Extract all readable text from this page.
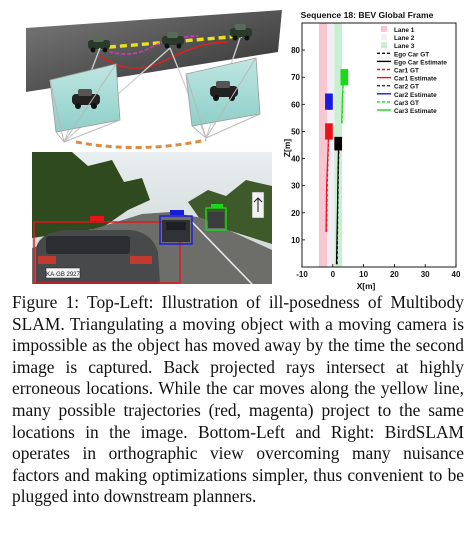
KA·GB 2927
Sequence 18: BEV Global Frame
-10	0	10	20	30	40
10
20
30
40
50
60
70
80
X[m]
Z[m]
Lane 1
Lane 2
Lane 3
Ego Car GT
Ego Car Estimate
Car1 GT
Car1 Estimate
Car2 GT
Car2 Estimate
Car3 GT
Car3 Estimate
Figure 1: Top-Left: Illustration of ill-posedness of Multibody SLAM. Triangulating a moving object with a moving camera is impossible as the object has moved away by the time the second image is captured. Back projected rays intersect at highly erroneous locations. While the car moves along the yellow line, many possible trajectories (red, magenta) project to the same locations in the image. Bottom-Left and Right: BirdSLAM operates in orthographic view overcoming many nuisance factors and making optimizations simpler, thus convenient to be plugged into downstream planners.
